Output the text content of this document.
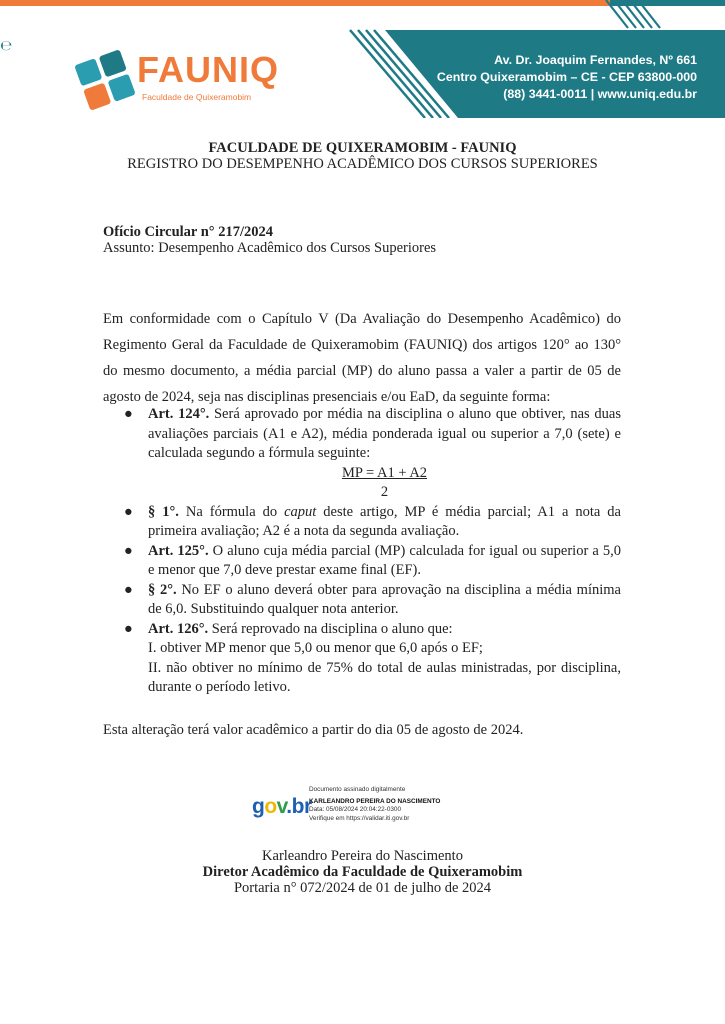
℮
FAUNIQ
Faculdade de Quixeramobim
Av. Dr. Joaquim Fernandes, Nº 661
Centro Quixeramobim – CE - CEP 63800-000
(88) 3441-0011 | www.uniq.edu.br
FACULDADE DE QUIXERAMOBIM - FAUNIQ
REGISTRO DO DESEMPENHO ACADÊMICO DOS CURSOS SUPERIORES
Ofício Circular n° 217/2024
Assunto: Desempenho Acadêmico dos Cursos Superiores

Em conformidade com o Capítulo V (Da Avaliação do Desempenho Acadêmico) do Regimento Geral da Faculdade de Quixeramobim (FAUNIQ) dos artigos 120° ao 130° do mesmo documento, a média parcial (MP) do aluno passa a valer a partir de 05 de agosto de 2024, seja nas disciplinas presenciais e/ou EaD, da seguinte forma:

● Art. 124°. Será aprovado por média na disciplina o aluno que obtiver, nas duas avaliações parciais (A1 e A2), média ponderada igual ou superior a 7,0 (sete) e calculada segundo a fórmula seguinte:
MP = A1 + A2
2
● § 1°. Na fórmula do caput deste artigo, MP é média parcial; A1 a nota da primeira avaliação; A2 é a nota da segunda avaliação.
● Art. 125°. O aluno cuja média parcial (MP) calculada for igual ou superior a 5,0 e menor que 7,0 deve prestar exame final (EF).
● § 2°. No EF o aluno deverá obter para aprovação na disciplina a média mínima de 6,0. Substituindo qualquer nota anterior.
● Art. 126°. Será reprovado na disciplina o aluno que:
I. obtiver MP menor que 5,0 ou menor que 6,0 após o EF;
II. não obtiver no mínimo de 75% do total de aulas ministradas, por disciplina, durante o período letivo.
Esta alteração terá valor acadêmico a partir do dia 05 de agosto de 2024.
gov.br
Documento assinado digitalmente
KARLEANDRO PEREIRA DO NASCIMENTO
Data: 05/08/2024 20:04:22-0300
Verifique em https://validar.iti.gov.br
Karleandro Pereira do Nascimento
Diretor Acadêmico da Faculdade de Quixeramobim
Portaria n° 072/2024 de 01 de julho de 2024
